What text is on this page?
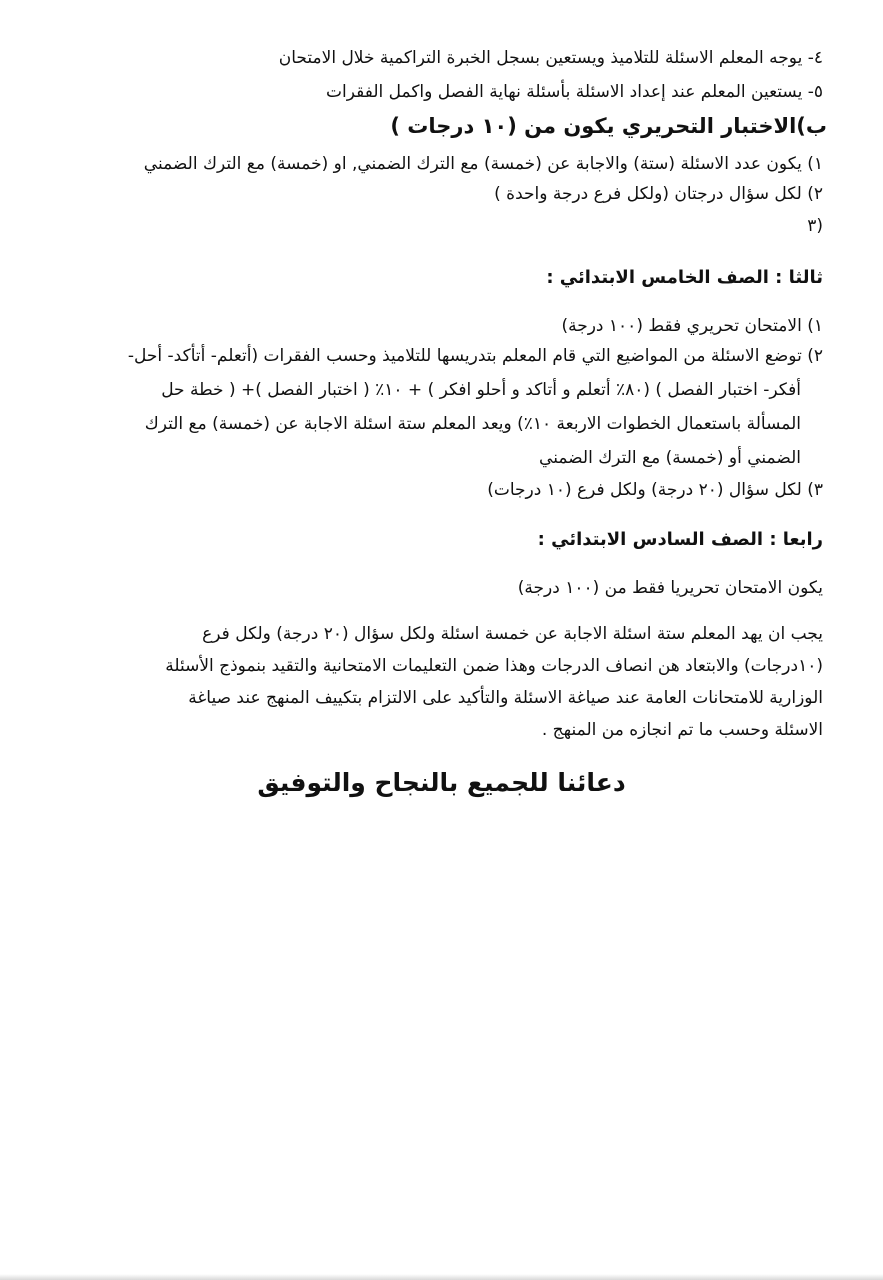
٤- يوجه المعلم الاسئلة للتلاميذ ويستعين بسجل الخبرة التراكمية خلال الامتحان
٥- يستعين المعلم عند إعداد الاسئلة بأسئلة نهاية الفصل واكمل الفقرات
ب)الاختبار التحريري يكون من (١٠ درجات )
١) يكون عدد الاسئلة (ستة) والاجابة عن (خمسة) مع الترك الضمني, او (خمسة) مع الترك الضمني
٢) لكل سؤال درجتان (ولكل فرع درجة واحدة )
٣)
ثالثا : الصف الخامس الابتدائي :
١) الامتحان تحريري فقط (١٠٠ درجة)
٢) توضع الاسئلة من المواضيع التي قام المعلم بتدريسها للتلاميذ وحسب الفقرات (أتعلم- أتأكد- أحل-
أفكر- اختبار الفصل ) (٨٠٪ أتعلم و أتاكد و أحلو افكر ) + ١٠٪ ( اختبار الفصل )+ ( خطة حل
المسألة باستعمال الخطوات الاربعة ١٠٪) ويعد المعلم ستة اسئلة الاجابة عن (خمسة) مع الترك
الضمني أو (خمسة) مع الترك الضمني
٣) لكل سؤال (٢٠ درجة) ولكل فرع (١٠ درجات)
رابعا : الصف السادس الابتدائي :
يكون الامتحان تحريريا فقط من (١٠٠ درجة)
يجب ان يهد المعلم ستة اسئلة الاجابة عن خمسة اسئلة ولكل سؤال (٢٠ درجة) ولكل فرع
(١٠درجات) والابتعاد هن انصاف الدرجات وهذا ضمن التعليمات الامتحانية والتقيد بنموذج الأسئلة
الوزارية للامتحانات العامة عند صياغة الاسئلة والتأكيد على الالتزام بتكييف المنهج عند صياغة
الاسئلة وحسب ما تم انجازه من المنهج .
دعائنا للجميع بالنجاح والتوفيق
